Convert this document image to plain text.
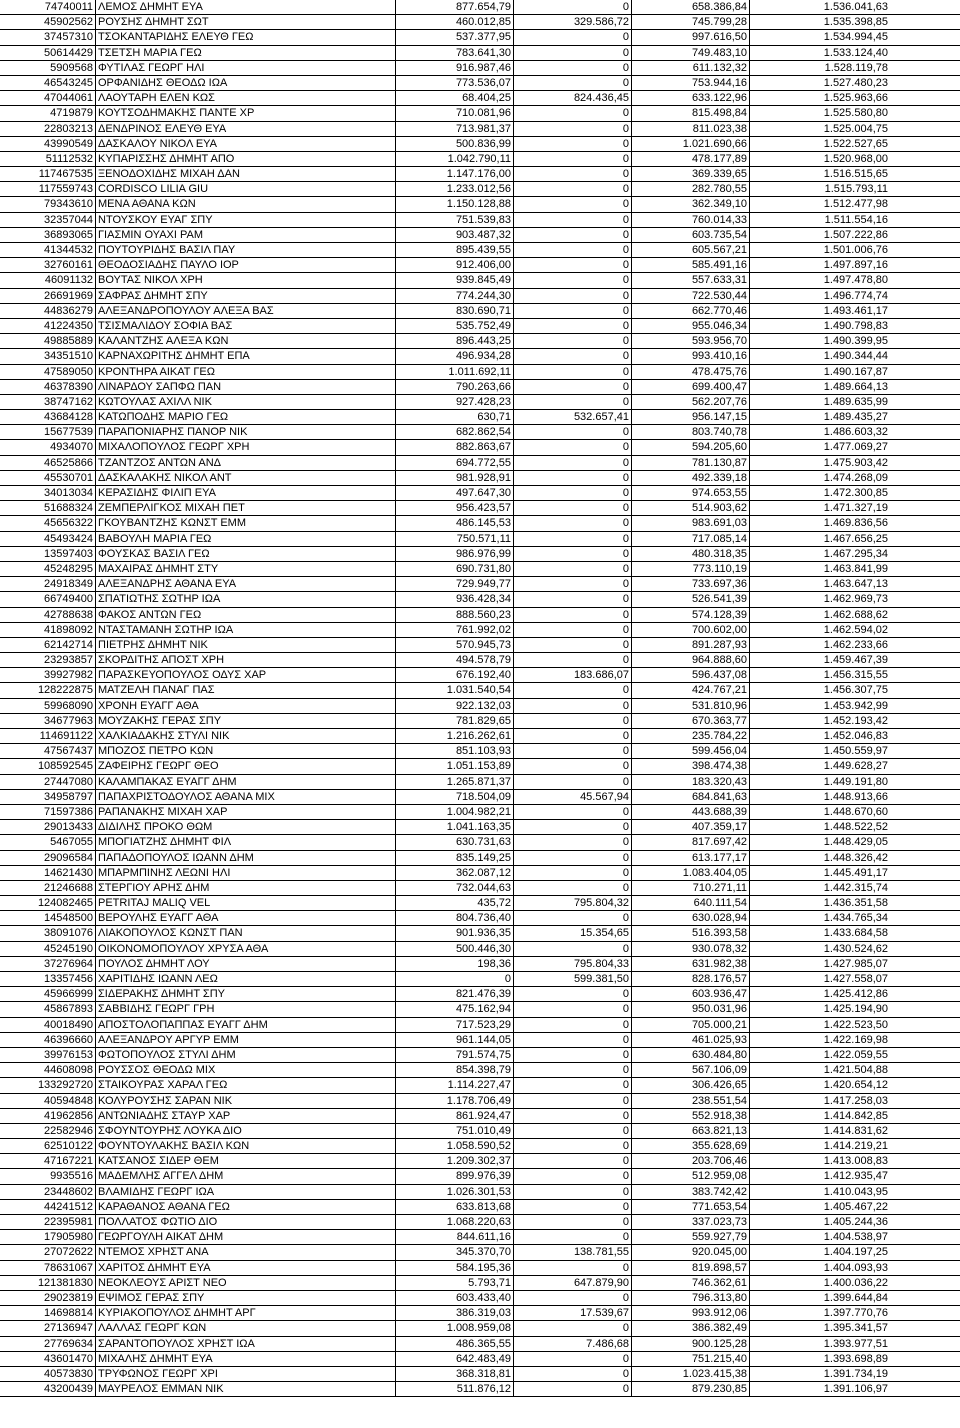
74740011 ΛΕΜΟΣ ΔΗΜΗΤ ΕΥΑ	877.654,79	0	658.386,84	1.536.041,63
45902562 ΡΟΥΣΗΣ ΔΗΜΗΤ ΣΩΤ	460.012,85	329.586,72	745.799,28	1.535.398,85
37457310 ΤΣΟΚΑΝΤΑΡΙΔΗΣ ΕΛΕΥΘ ΓΕΩ	537.377,95	0	997.616,50	1.534.994,45
50614429 ΤΣΕΤΣΗ ΜΑΡΙΑ ΓΕΩ	783.641,30	0	749.483,10	1.533.124,40
5909568 ΦΥΤΙΛΑΣ ΓΕΩΡΓ ΗΛΙ	916.987,46	0	611.132,32	1.528.119,78
46543245 ΟΡΦΑΝΙΔΗΣ ΘΕΟΔΩ ΙΩΑ	773.536,07	0	753.944,16	1.527.480,23
47044061 ΛΑΟΥΤΑΡΗ ΕΛΕΝ ΚΩΣ	68.404,25	824.436,45	633.122,96	1.525.963,66
4719879 ΚΟΥΤΣΟΔΗΜΑΚΗΣ ΠΑΝΤΕ ΧΡ	710.081,96	0	815.498,84	1.525.580,80
22803213 ΔΕΝΔΡΙΝΟΣ ΕΛΕΥΘ ΕΥΑ	713.981,37	0	811.023,38	1.525.004,75
43990549 ΔΑΣΚΑΛΟΥ ΝΙΚΟΛ ΕΥΑ	500.836,99	0	1.021.690,66	1.522.527,65
51112532 ΚΥΠΑΡΙΣΣΗΣ ΔΗΜΗΤ ΑΠΟ	1.042.790,11	0	478.177,89	1.520.968,00
117467535 ΞΕΝΟΔΟΧΙΔΗΣ ΜΙΧΑΗ ΔΑΝ	1.147.176,00	0	369.339,65	1.516.515,65
117559743 CORDISCO LILIA GIU	1.233.012,56	0	282.780,55	1.515.793,11
79343610 ΜΕΝΑ ΑΘΑΝΑ ΚΩΝ	1.150.128,88	0	362.349,10	1.512.477,98
32357044 ΝΤΟΥΣΚΟΥ ΕΥΑΓ ΣΠΥ	751.539,83	0	760.014,33	1.511.554,16
36893065 ΓΙΑΣΜΙΝ ΟΥΑΧΙ ΡΑΜ	903.487,32	0	603.735,54	1.507.222,86
41344532 ΠΟΥΤΟΥΡΙΔΗΣ ΒΑΣΙΛ ΠΑΥ	895.439,55	0	605.567,21	1.501.006,76
32760161 ΘΕΟΔΟΣΙΑΔΗΣ ΠΑΥΛΟ ΙΟΡ	912.406,00	0	585.491,16	1.497.897,16
46091132 ΒΟΥΤΑΣ ΝΙΚΟΛ ΧΡΗ	939.845,49	0	557.633,31	1.497.478,80
26691969 ΣΑΦΡΑΣ ΔΗΜΗΤ ΣΠΥ	774.244,30	0	722.530,44	1.496.774,74
44836279 ΑΛΕΞΑΝΔΡΟΠΟΥΛΟΥ ΑΛΕΞΑ ΒΑΣ	830.690,71	0	662.770,46	1.493.461,17
41224350 ΤΣΙΣΜΑΛΙΔΟΥ ΣΟΦΙΑ ΒΑΣ	535.752,49	0	955.046,34	1.490.798,83
49885889 ΚΑΛΑΝΤΖΗΣ ΑΛΕΞΑ ΚΩΝ	896.443,25	0	593.956,70	1.490.399,95
34351510 ΚΑΡΝΑΧΩΡΙΤΗΣ ΔΗΜΗΤ ΕΠΑ	496.934,28	0	993.410,16	1.490.344,44
47589050 ΚΡΟΝΤΗΡΑ ΑΙΚΑΤ ΓΕΩ	1.011.692,11	0	478.475,76	1.490.167,87
46378390 ΛΙΝΑΡΔΟΥ ΣΑΠΦΩ ΠΑΝ	790.263,66	0	699.400,47	1.489.664,13
38747162 ΚΩΤΟΥΛΑΣ ΑΧΙΛΛ ΝΙΚ	927.428,23	0	562.207,76	1.489.635,99
43684128 ΚΑΤΩΠΟΔΗΣ ΜΑΡΙΟ ΓΕΩ	630,71	532.657,41	956.147,15	1.489.435,27
15677539 ΠΑΡΑΠΟΝΙΑΡΗΣ ΠΑΝΟΡ ΝΙΚ	682.862,54	0	803.740,78	1.486.603,32
4934070 ΜΙΧΑΛΟΠΟΥΛΟΣ ΓΕΩΡΓ ΧΡΗ	882.863,67	0	594.205,60	1.477.069,27
46525866 ΤΖΑΝΤΖΟΣ ΑΝΤΩΝ ΑΝΔ	694.772,55	0	781.130,87	1.475.903,42
45530701 ΔΑΣΚΑΛΑΚΗΣ ΝΙΚΟΛ ΑΝΤ	981.928,91	0	492.339,18	1.474.268,09
34013034 ΚΕΡΑΣΙΔΗΣ ΦΙΛΙΠ ΕΥΑ	497.647,30	0	974.653,55	1.472.300,85
51688324 ΖΕΜΠΕΡΛΙΓΚΟΣ ΜΙΧΑΗ ΠΕΤ	956.423,57	0	514.903,62	1.471.327,19
45656322 ΓΚΟΥΒΑΝΤΖΗΣ ΚΩΝΣΤ ΕΜΜ	486.145,53	0	983.691,03	1.469.836,56
45493424 ΒΑΒΟΥΛΗ ΜΑΡΙΑ ΓΕΩ	750.571,11	0	717.085,14	1.467.656,25
13597403 ΦΟΥΣΚΑΣ ΒΑΣΙΛ ΓΕΩ	986.976,99	0	480.318,35	1.467.295,34
45248295 ΜΑΧΑΙΡΑΣ ΔΗΜΗΤ ΣΤΥ	690.731,80	0	773.110,19	1.463.841,99
24918349 ΑΛΕΞΑΝΔΡΗΣ ΑΘΑΝΑ ΕΥΑ	729.949,77	0	733.697,36	1.463.647,13
66749400 ΣΠΑΤΙΩΤΗΣ ΣΩΤΗΡ ΙΩΑ	936.428,34	0	526.541,39	1.462.969,73
42788638 ΦΑΚΟΣ ΑΝΤΩΝ ΓΕΩ	888.560,23	0	574.128,39	1.462.688,62
41898092 ΝΤΑΣΤΑΜΑΝΗ ΣΩΤΗΡ ΙΩΑ	761.992,02	0	700.602,00	1.462.594,02
62142714 ΠΙΕΤΡΗΣ ΔΗΜΗΤ ΝΙΚ	570.945,73	0	891.287,93	1.462.233,66
23293857 ΣΚΟΡΔΙΤΗΣ ΑΠΟΣΤ ΧΡΗ	494.578,79	0	964.888,60	1.459.467,39
39927982 ΠΑΡΑΣΚΕΥΟΠΟΥΛΟΣ ΟΔΥΣ ΧΑΡ	676.192,40	183.686,07	596.437,08	1.456.315,55
128222875 ΜΑΤΖΕΛΗ ΠΑΝΑΓ ΠΑΣ	1.031.540,54	0	424.767,21	1.456.307,75
59968090 ΧΡΟΝΗ ΕΥΑΓΓ ΑΘΑ	922.132,03	0	531.810,96	1.453.942,99
34677963 ΜΟΥΖΑΚΗΣ ΓΕΡΑΣ ΣΠΥ	781.829,65	0	670.363,77	1.452.193,42
114691122 ΧΑΛΚΙΑΔΑΚΗΣ ΣΤΥΛΙ ΝΙΚ	1.216.262,61	0	235.784,22	1.452.046,83
47567437 ΜΠΟΖΟΣ ΠΕΤΡΟ ΚΩΝ	851.103,93	0	599.456,04	1.450.559,97
108592545 ΖΑΦΕΙΡΗΣ ΓΕΩΡΓ ΘΕΟ	1.051.153,89	0	398.474,38	1.449.628,27
27447080 ΚΑΛΑΜΠΑΚΑΣ ΕΥΑΓΓ ΔΗΜ	1.265.871,37	0	183.320,43	1.449.191,80
34958797 ΠΑΠΑΧΡΙΣΤΟΔΟΥΛΟΣ ΑΘΑΝΑ ΜΙΧ	718.504,09	45.567,94	684.841,63	1.448.913,66
71597386 ΡΑΠΑΝΑΚΗΣ ΜΙΧΑΗ ΧΑΡ	1.004.982,21	0	443.688,39	1.448.670,60
29013433 ΔΙΔΙΛΗΣ ΠΡΟΚΟ ΘΩΜ	1.041.163,35	0	407.359,17	1.448.522,52
5467055 ΜΠΟΓΙΑΤΖΗΣ ΔΗΜΗΤ ΦΙΛ	630.731,63	0	817.697,42	1.448.429,05
29096584 ΠΑΠΑΔΟΠΟΥΛΟΣ ΙΩΑΝΝ ΔΗΜ	835.149,25	0	613.177,17	1.448.326,42
14621430 ΜΠΑΡΜΠΙΝΗΣ ΛΕΩΝΙ ΗΛΙ	362.087,12	0	1.083.404,05	1.445.491,17
21246688 ΣΤΕΡΓΙΟΥ ΑΡΗΣ ΔΗΜ	732.044,63	0	710.271,11	1.442.315,74
124082465 PETRITAJ MALIQ VEL	435,72	795.804,32	640.111,54	1.436.351,58
14548500 ΒΕΡΟΥΛΗΣ ΕΥΑΓΓ ΑΘΑ	804.736,40	0	630.028,94	1.434.765,34
38091076 ΛΙΑΚΟΠΟΥΛΟΣ ΚΩΝΣΤ ΠΑΝ	901.936,35	15.354,65	516.393,58	1.433.684,58
45245190 ΟΙΚΟΝΟΜΟΠΟΥΛΟΥ ΧΡΥΣΑ ΑΘΑ	500.446,30	0	930.078,32	1.430.524,62
37276964 ΠΟΥΛΟΣ ΔΗΜΗΤ ΛΟΥ	198,36	795.804,33	631.982,38	1.427.985,07
13357456 ΧΑΡΙΤΙΔΗΣ ΙΩΑΝΝ ΛΕΩ	0	599.381,50	828.176,57	1.427.558,07
45966999 ΣΙΔΕΡΑΚΗΣ ΔΗΜΗΤ ΣΠΥ	821.476,39	0	603.936,47	1.425.412,86
45867893 ΣΑΒΒΙΔΗΣ ΓΕΩΡΓ ΓΡΗ	475.162,94	0	950.031,96	1.425.194,90
40018490 ΑΠΟΣΤΟΛΟΠΑΠΠΑΣ ΕΥΑΓΓ ΔΗΜ	717.523,29	0	705.000,21	1.422.523,50
46396660 ΑΛΕΞΑΝΔΡΟΥ ΑΡΓΥΡ ΕΜΜ	961.144,05	0	461.025,93	1.422.169,98
39976153 ΦΩΤΟΠΟΥΛΟΣ ΣΤΥΛΙ ΔΗΜ	791.574,75	0	630.484,80	1.422.059,55
44608098 ΡΟΥΣΣΟΣ ΘΕΟΔΩ ΜΙΧ	854.398,79	0	567.106,09	1.421.504,88
133292720 ΣΤΑΙΚΟΥΡΑΣ ΧΑΡΑΛ ΓΕΩ	1.114.227,47	0	306.426,65	1.420.654,12
40594848 ΚΟΛΥΡΟΥΣΗΣ ΣΑΡΑΝ ΝΙΚ	1.178.706,49	0	238.551,54	1.417.258,03
41962856 ΑΝΤΩΝΙΑΔΗΣ ΣΤΑΥΡ ΧΑΡ	861.924,47	0	552.918,38	1.414.842,85
22582946 ΣΦΟΥΝΤΟΥΡΗΣ ΛΟΥΚΑ ΔΙΟ	751.010,49	0	663.821,13	1.414.831,62
62510122 ΦΟΥΝΤΟΥΛΑΚΗΣ ΒΑΣΙΛ ΚΩΝ	1.058.590,52	0	355.628,69	1.414.219,21
47167221 ΚΑΤΣΑΝΟΣ ΣΙΔΕΡ ΘΕΜ	1.209.302,37	0	203.706,46	1.413.008,83
9935516 ΜΑΔΕΜΛΗΣ ΑΓΓΕΛ ΔΗΜ	899.976,39	0	512.959,08	1.412.935,47
23448602 ΒΛΑΜΙΔΗΣ ΓΕΩΡΓ ΙΩΑ	1.026.301,53	0	383.742,42	1.410.043,95
44241512 ΚΑΡΑΘΑΝΟΣ ΑΘΑΝΑ ΓΕΩ	633.813,68	0	771.653,54	1.405.467,22
22395981 ΠΟΛΛΑΤΟΣ ΦΩΤΙΟ ΔΙΟ	1.068.220,63	0	337.023,73	1.405.244,36
17905980 ΓΕΩΡΓΟΥΛΗ ΑΙΚΑΤ ΔΗΜ	844.611,16	0	559.927,79	1.404.538,97
27072622 ΝΤΕΜΟΣ ΧΡΗΣΤ ΑΝΑ	345.370,70	138.781,55	920.045,00	1.404.197,25
78631067 ΧΑΡΙΤΟΣ ΔΗΜΗΤ ΕΥΑ	584.195,36	0	819.898,57	1.404.093,93
121381830 ΝΕΟΚΛΕΟΥΣ ΑΡΙΣΤ ΝΕΟ	5.793,71	647.879,90	746.362,61	1.400.036,22
29023819 ΕΨΙΜΟΣ ΓΕΡΑΣ ΣΠΥ	603.433,40	0	796.313,80	1.399.644,84
14698814 ΚΥΡΙΑΚΟΠΟΥΛΟΣ ΔΗΜΗΤ ΑΡΓ	386.319,03	17.539,67	993.912,06	1.397.770,76
27136947 ΛΑΛΛΑΣ ΓΕΩΡΓ ΚΩΝ	1.008.959,08	0	386.382,49	1.395.341,57
27769634 ΣΑΡΑΝΤΟΠΟΥΛΟΣ ΧΡΗΣΤ ΙΩΑ	486.365,55	7.486,68	900.125,28	1.393.977,51
43601470 ΜΙΧΑΛΗΣ ΔΗΜΗΤ ΕΥΑ	642.483,49	0	751.215,40	1.393.698,89
40573830 ΤΡΥΦΩΝΟΣ ΓΕΩΡΓ ΧΡΙ	368.318,81	0	1.023.415,38	1.391.734,19
43200439 ΜΑΥΡΕΛΟΣ ΕΜΜΑΝ ΝΙΚ	511.876,12	0	879.230,85	1.391.106,97
